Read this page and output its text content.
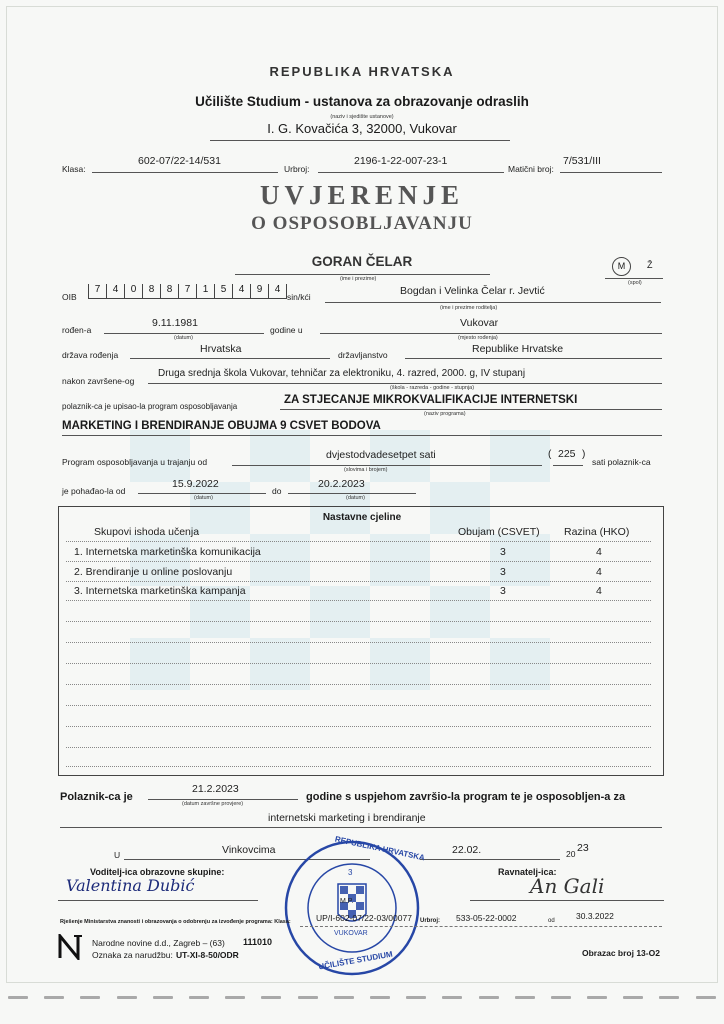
REPUBLIKA HRVATSKA
Učilište Studium - ustanova za obrazovanje odraslih
(naziv i sjedište ustanove)
I. G. Kovačića 3, 32000, Vukovar
Klasa:
602-07/22-14/531
Urbroj:
2196-1-22-007-23-1
Matični broj:
7/531/III
UVJERENJE
O OSPOSOBLJAVANJU
GORAN ČELAR
(ime i prezime)
M	Ž
(spol)
OIB
7	4	0	8	8	7	1	5	4	9	4
sin/kći	Bogdan i Velinka Čelar r. Jevtić
(ime i prezime roditelja)
rođen-a
9.11.1981
(datum)
godine u
Vukovar
(mjesto rođenja)
država rođenja	Hrvatska	državljanstvo	Republike Hrvatske
nakon završene-og
Druga srednja škola Vukovar, tehničar za elektroniku, 4. razred, 2000. g, IV stupanj
(škola - razreda - godine - stupnja)
polaznik-ca je upisao-la program osposobljavanja
ZA STJECANJE MIKROKVALIFIKACIJE INTERNETSKI
(naziv programa)
MARKETING I BRENDIRANJE OBUJMA 9 CSVET BODOVA
Program osposobljavanja u trajanju od
dvjestodvadesetpet sati
(slovima i brojem)
( 225 )
sati polaznik-ca
je pohađao-la od
15.9.2022
(datum)
do
20.2.2023
(datum)
Nastavne cjeline
Skupovi ishoda učenja	Obujam (CSVET) Razina (HKO)
1. Internetska marketinška komunikacija	3	4
2. Brendiranje u online poslovanju	3	4
3. Internetska marketinška kampanja	3	4
Polaznik-ca je
21.2.2023
(datum završne provjere)
godine s uspjehom završio-la program te je osposobljen-a za
internetski marketing i brendiranje
U	Vinkovcima	22.02.	20 23
Voditelj-ica obrazovne skupine:	Ravnatelj-ica:
Valentina Dubić	An Gali
REPUBLIKA HRVATSKA
UČILIŠTE STUDIUM
VUKOVAR
3
M.P.
Rješenje Ministarstva znanosti i obrazovanja o odobrenju za izvođenje programa: Klasa:	UP/I-602-07/22-03/00077 Urbroj: 533-05-22-0002	od	30.3.2022
Narodne novine d.d., Zagreb – (63) 111010
Oznaka za narudžbu: UT-XI-8-50/ODR	Obrazac broj 13-O2
